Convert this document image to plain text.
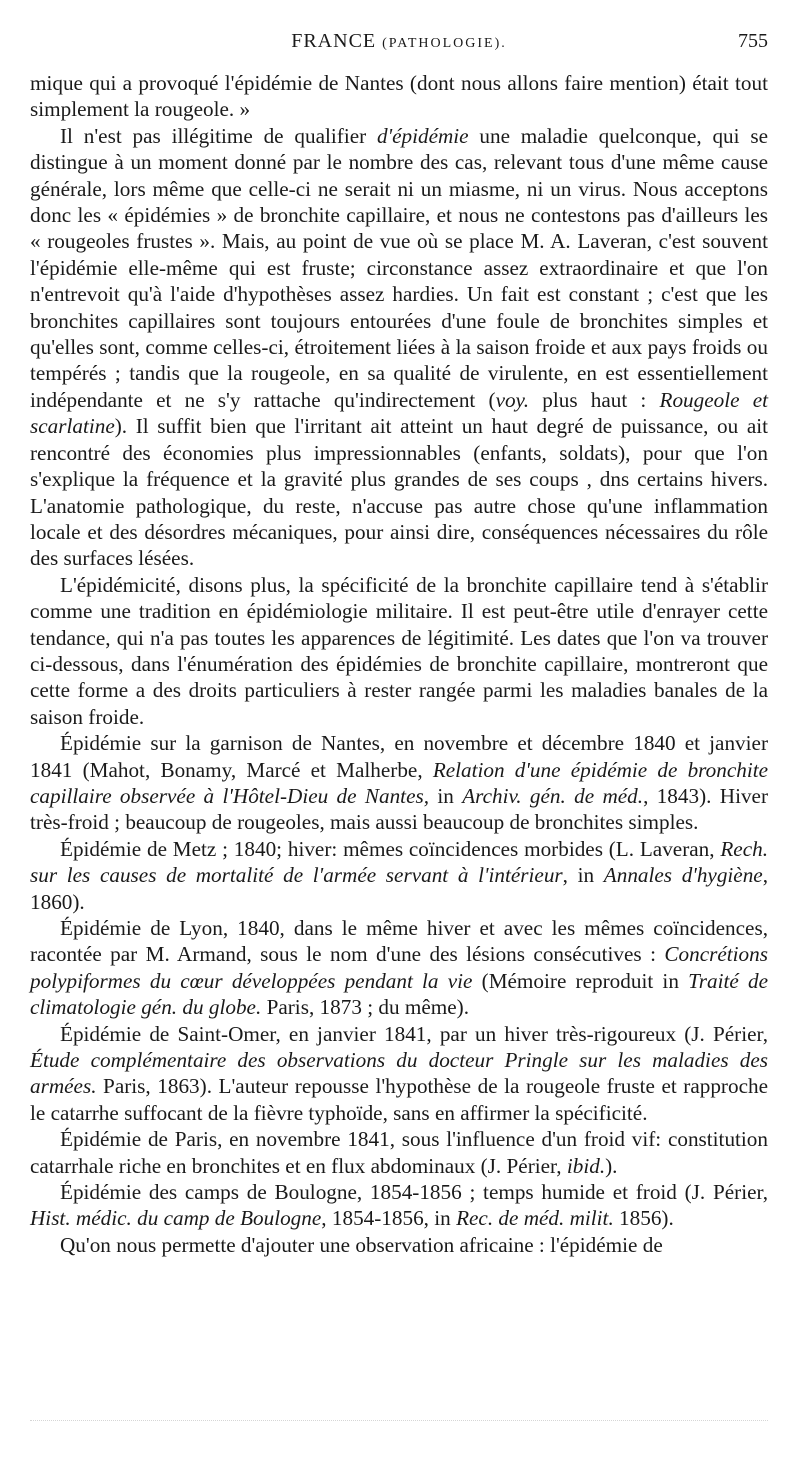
FRANCE (PATHOLOGIE).	755

mique qui a provoqué l'épidémie de Nantes (dont nous allons faire mention) était tout simplement la rougeole. »

Il n'est pas illégitime de qualifier d'épidémie une maladie quelconque, qui se distingue à un moment donné par le nombre des cas, relevant tous d'une même cause générale, lors même que celle-ci ne serait ni un miasme, ni un virus. Nous acceptons donc les « épidémies » de bronchite capillaire, et nous ne contestons pas d'ailleurs les « rougeoles frustes ». Mais, au point de vue où se place M. A. Laveran, c'est souvent l'épidémie elle-même qui est fruste; circonstance assez extraordinaire et que l'on n'entrevoit qu'à l'aide d'hypothèses assez hardies. Un fait est constant ; c'est que les bronchites capillaires sont toujours entourées d'une foule de bronchites simples et qu'elles sont, comme celles-ci, étroitement liées à la saison froide et aux pays froids ou tempérés ; tandis que la rougeole, en sa qualité de virulente, en est essentiellement indépendante et ne s'y rattache qu'indirectement (voy. plus haut : Rougeole et scarlatine). Il suffit bien que l'irritant ait atteint un haut degré de puissance, ou ait rencontré des économies plus impressionnables (enfants, soldats), pour que l'on s'explique la fréquence et la gravité plus grandes de ses coups , dns certains hivers. L'anatomie pathologique, du reste, n'accuse pas autre chose qu'une inflammation locale et des désordres mécaniques, pour ainsi dire, conséquences nécessaires du rôle des surfaces lésées.

L'épidémicité, disons plus, la spécificité de la bronchite capillaire tend à s'établir comme une tradition en épidémiologie militaire. Il est peut-être utile d'enrayer cette tendance, qui n'a pas toutes les apparences de légitimité. Les dates que l'on va trouver ci-dessous, dans l'énumération des épidémies de bronchite capillaire, montreront que cette forme a des droits particuliers à rester rangée parmi les maladies banales de la saison froide.

Épidémie sur la garnison de Nantes, en novembre et décembre 1840 et janvier 1841 (Mahot, Bonamy, Marcé et Malherbe, Relation d'une épidémie de bronchite capillaire observée à l'Hôtel-Dieu de Nantes, in Archiv. gén. de méd., 1843). Hiver très-froid ; beaucoup de rougeoles, mais aussi beaucoup de bronchites simples.

Épidémie de Metz ; 1840; hiver: mêmes coïncidences morbides (L. Laveran, Rech. sur les causes de mortalité de l'armée servant à l'intérieur, in Annales d'hygiène, 1860).

Épidémie de Lyon, 1840, dans le même hiver et avec les mêmes coïncidences, racontée par M. Armand, sous le nom d'une des lésions consécutives : Concrétions polypiformes du cœur développées pendant la vie (Mémoire reproduit in Traité de climatologie gén. du globe. Paris, 1873 ; du même).

Épidémie de Saint-Omer, en janvier 1841, par un hiver très-rigoureux (J. Périer, Étude complémentaire des observations du docteur Pringle sur les maladies des armées. Paris, 1863). L'auteur repousse l'hypothèse de la rougeole fruste et rapproche le catarrhe suffocant de la fièvre typhoïde, sans en affirmer la spécificité.

Épidémie de Paris, en novembre 1841, sous l'influence d'un froid vif: constitution catarrhale riche en bronchites et en flux abdominaux (J. Périer, ibid.).

Épidémie des camps de Boulogne, 1854-1856 ; temps humide et froid (J. Périer, Hist. médic. du camp de Boulogne, 1854-1856, in Rec. de méd. milit. 1856).

Qu'on nous permette d'ajouter une observation africaine : l'épidémie de
